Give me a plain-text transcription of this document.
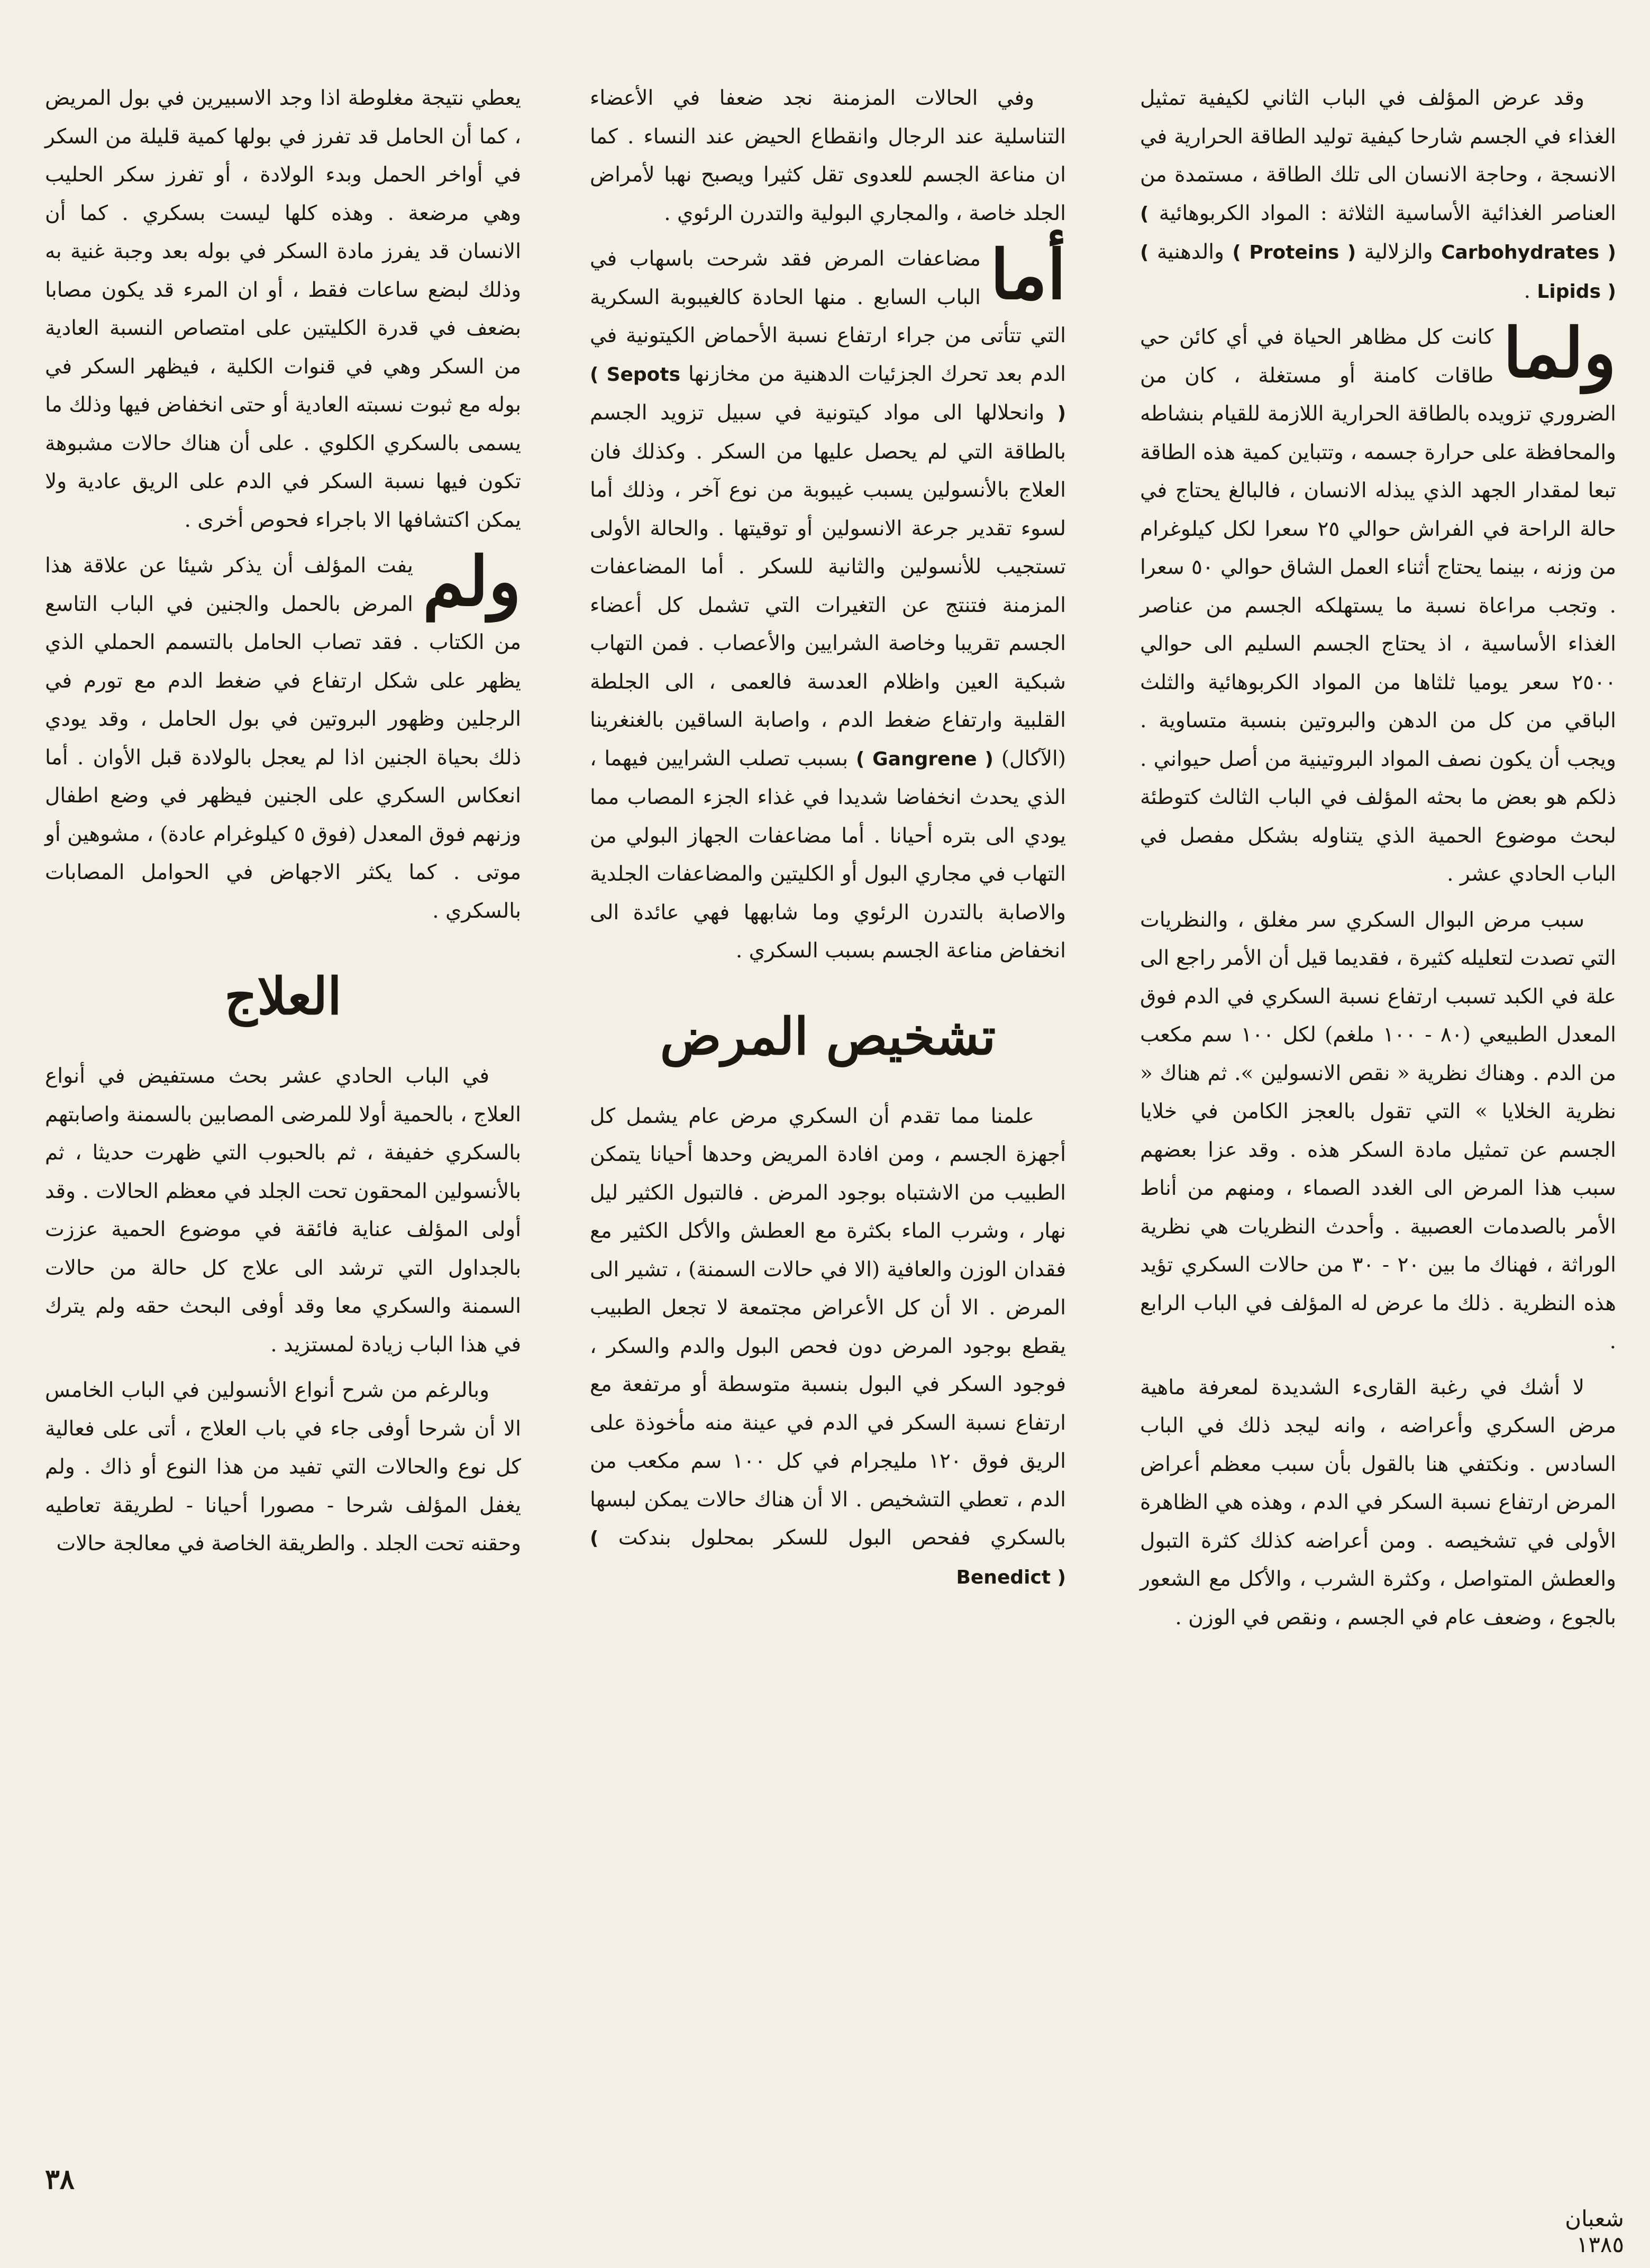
وقد عرض المؤلف في الباب الثاني لكيفية تمثيل الغذاء في الجسم شارحا كيفية توليد الطاقة الحرارية في الانسجة ، وحاجة الانسان الى تلك الطاقة ، مستمدة من العناصر الغذائية الأساسية الثلاثة : المواد الكربوهائية ( Carbohydrates ) والزلالية ( Proteins ) والدهنية ( Lipids ) .

ولما
كانت كل مظاهر الحياة في أي كائن حي طاقات كامنة أو مستغلة ، كان من الضروري تزويده بالطاقة الحرارية اللازمة للقيام بنشاطه والمحافظة على حرارة جسمه ، وتتباين كمية هذه الطاقة تبعا لمقدار الجهد الذي يبذله الانسان ، فالبالغ يحتاج في حالة الراحة في الفراش حوالي ٢٥ سعرا لكل كيلوغرام من وزنه ، بينما يحتاج أثناء العمل الشاق حوالي ٥٠ سعرا . وتجب مراعاة نسبة ما يستهلكه الجسم من عناصر الغذاء الأساسية ، اذ يحتاج الجسم السليم الى حوالي ٢٥٠٠ سعر يوميا ثلثاها من المواد الكربوهائية والثلث الباقي من كل من الدهن والبروتين بنسبة متساوية . ويجب أن يكون نصف المواد البروتينية من أصل حيواني . ذلكم هو بعض ما بحثه المؤلف في الباب الثالث كتوطئة لبحث موضوع الحمية الذي يتناوله بشكل مفصل في الباب الحادي عشر .

سبب مرض البوال السكري سر مغلق ، والنظريات التي تصدت لتعليله كثيرة ، فقديما قيل أن الأمر راجع الى علة في الكبد تسبب ارتفاع نسبة السكري في الدم فوق المعدل الطبيعي (٨٠ - ١٠٠ ملغم) لكل ١٠٠ سم مكعب من الدم . وهناك نظرية « نقص الانسولين ». ثم هناك « نظرية الخلايا » التي تقول بالعجز الكامن في خلايا الجسم عن تمثيل مادة السكر هذه . وقد عزا بعضهم سبب هذا المرض الى الغدد الصماء ، ومنهم من أناط الأمر بالصدمات العصبية . وأحدث النظريات هي نظرية الوراثة ، فهناك ما بين ٢٠ - ٣٠ من حالات السكري تؤيد هذه النظرية . ذلك ما عرض له المؤلف في الباب الرابع .

لا أشك في رغبة القارىء الشديدة لمعرفة ماهية مرض السكري وأعراضه ، وانه ليجد ذلك في الباب السادس . ونكتفي هنا بالقول بأن سبب معظم أعراض المرض ارتفاع نسبة السكر في الدم ، وهذه هي الظاهرة الأولى في تشخيصه . ومن أعراضه كذلك كثرة التبول والعطش المتواصل ، وكثرة الشرب ، والأكل مع الشعور بالجوع ، وضعف عام في الجسم ، ونقص في الوزن .

وفي الحالات المزمنة نجد ضعفا في الأعضاء التناسلية عند الرجال وانقطاع الحيض عند النساء . كما ان مناعة الجسم للعدوى تقل كثيرا ويصبح نهبا لأمراض الجلد خاصة ، والمجاري البولية والتدرن الرئوي .

أما
مضاعفات المرض فقد شرحت باسهاب في الباب السابع . منها الحادة كالغيبوبة السكرية التي تتأتى من جراء ارتفاع نسبة الأحماض الكيتونية في الدم بعد تحرك الجزئيات الدهنية من مخازنها ( Sepots ) وانحلالها الى مواد كيتونية في سبيل تزويد الجسم بالطاقة التي لم يحصل عليها من السكر . وكذلك فان العلاج بالأنسولين يسبب غيبوبة من نوع آخر ، وذلك أما لسوء تقدير جرعة الانسولين أو توقيتها . والحالة الأولى تستجيب للأنسولين والثانية للسكر . أما المضاعفات المزمنة فتنتج عن التغيرات التي تشمل كل أعضاء الجسم تقريبا وخاصة الشرايين والأعصاب . فمن التهاب شبكية العين واظلام العدسة فالعمى ، الى الجلطة القلبية وارتفاع ضغط الدم ، واصابة الساقين بالغنغرينا (الآكال) ( Gangrene ) بسبب تصلب الشرايين فيهما ، الذي يحدث انخفاضا شديدا في غذاء الجزء المصاب مما يودي الى بتره أحيانا . أما مضاعفات الجهاز البولي من التهاب في مجاري البول أو الكليتين والمضاعفات الجلدية والاصابة بالتدرن الرئوي وما شابهها فهي عائدة الى انخفاض مناعة الجسم بسبب السكري .

تشخيص المرض

علمنا مما تقدم أن السكري مرض عام يشمل كل أجهزة الجسم ، ومن افادة المريض وحدها أحيانا يتمكن الطبيب من الاشتباه بوجود المرض . فالتبول الكثير ليل نهار ، وشرب الماء بكثرة مع العطش والأكل الكثير مع فقدان الوزن والعافية (الا في حالات السمنة) ، تشير الى المرض . الا أن كل الأعراض مجتمعة لا تجعل الطبيب يقطع بوجود المرض دون فحص البول والدم والسكر ، فوجود السكر في البول بنسبة متوسطة أو مرتفعة مع ارتفاع نسبة السكر في الدم في عينة منه مأخوذة على الريق فوق ١٢٠ مليجرام في كل ١٠٠ سم مكعب من الدم ، تعطي التشخيص . الا أن هناك حالات يمكن لبسها بالسكري ففحص البول للسكر بمحلول بندكت ( Benedict )

يعطي نتيجة مغلوطة اذا وجد الاسبيرين في بول المريض ، كما أن الحامل قد تفرز في بولها كمية قليلة من السكر في أواخر الحمل وبدء الولادة ، أو تفرز سكر الحليب وهي مرضعة . وهذه كلها ليست بسكري . كما أن الانسان قد يفرز مادة السكر في بوله بعد وجبة غنية به وذلك لبضع ساعات فقط ، أو ان المرء قد يكون مصابا بضعف في قدرة الكليتين على امتصاص النسبة العادية من السكر وهي في قنوات الكلية ، فيظهر السكر في بوله مع ثبوت نسبته العادية أو حتى انخفاض فيها وذلك ما يسمى بالسكري الكلوي . على أن هناك حالات مشبوهة تكون فيها نسبة السكر في الدم على الريق عادية ولا يمكن اكتشافها الا باجراء فحوص أخرى .

ولم
يفت المؤلف أن يذكر شيئا عن علاقة هذا المرض بالحمل والجنين في الباب التاسع من الكتاب . فقد تصاب الحامل بالتسمم الحملي الذي يظهر على شكل ارتفاع في ضغط الدم مع تورم في الرجلين وظهور البروتين في بول الحامل ، وقد يودي ذلك بحياة الجنين اذا لم يعجل بالولادة قبل الأوان . أما انعكاس السكري على الجنين فيظهر في وضع اطفال وزنهم فوق المعدل (فوق ٥ كيلوغرام عادة) ، مشوهين أو موتى . كما يكثر الاجهاض في الحوامل المصابات بالسكري .

العلاج

في الباب الحادي عشر بحث مستفيض في أنواع العلاج ، بالحمية أولا للمرضى المصابين بالسمنة واصابتهم بالسكري خفيفة ، ثم بالحبوب التي ظهرت حديثا ، ثم بالأنسولين المحقون تحت الجلد في معظم الحالات . وقد أولى المؤلف عناية فائقة في موضوع الحمية عززت بالجداول التي ترشد الى علاج كل حالة من حالات السمنة والسكري معا وقد أوفى البحث حقه ولم يترك في هذا الباب زيادة لمستزيد .

وبالرغم من شرح أنواع الأنسولين في الباب الخامس الا أن شرحا أوفى جاء في باب العلاج ، أتى على فعالية كل نوع والحالات التي تفيد من هذا النوع أو ذاك . ولم يغفل المؤلف شرحا - مصورا أحيانا - لطريقة تعاطيه وحقنه تحت الجلد . والطريقة الخاصة في معالجة حالات

٣٨
شعبان ١٣٨٥
